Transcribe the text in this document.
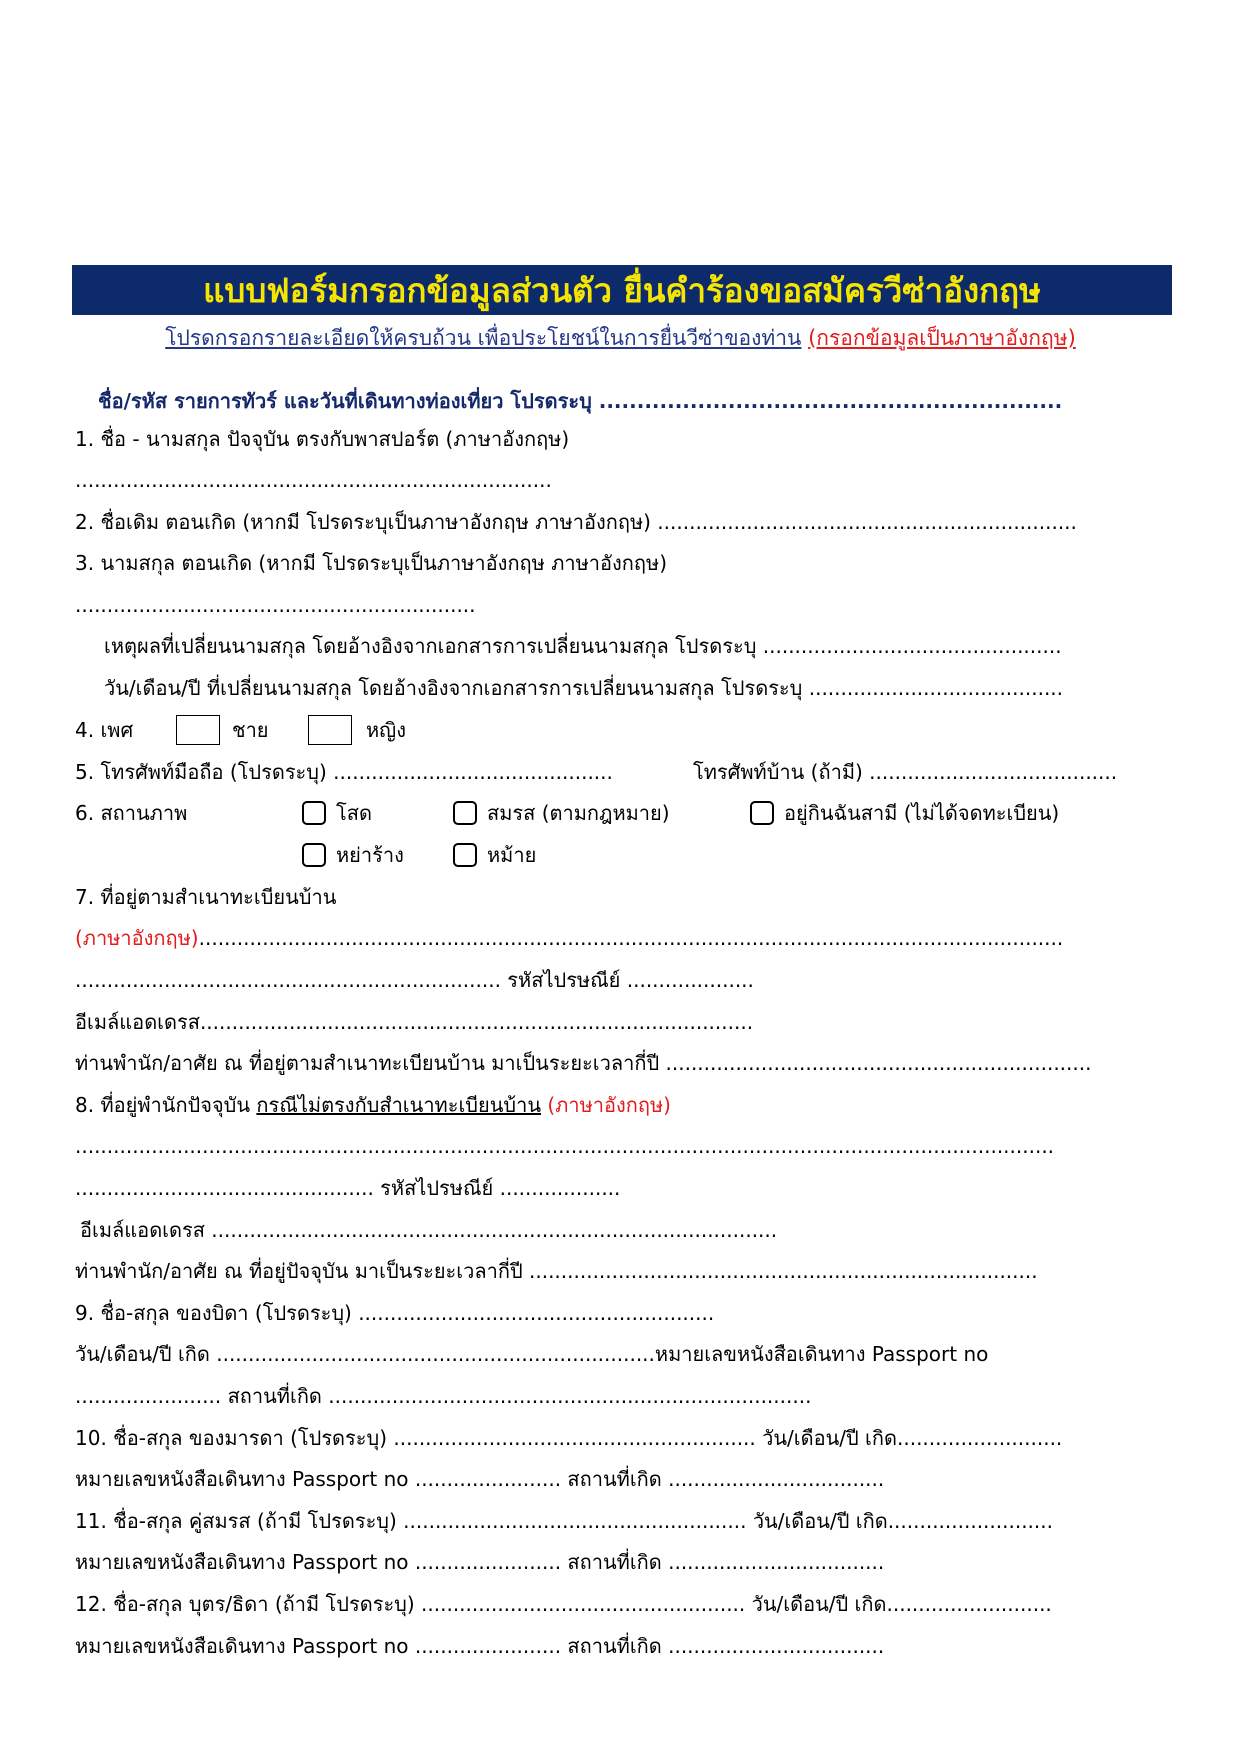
แบบฟอร์มกรอกข้อมูลส่วนตัว ยื่นคำร้องขอสมัครวีซ่าอังกฤษ
โปรดกรอกรายละเอียดให้ครบถ้วน เพื่อประโยชน์ในการยื่นวีซ่าของท่าน (กรอกข้อมูลเป็นภาษาอังกฤษ)
ชื่อ/รหัส รายการทัวร์ และวันที่เดินทางท่องเที่ยว โปรดระบุ .............................................................
1. ชื่อ - นามสกุล ปัจจุบัน ตรงกับพาสปอร์ต (ภาษาอังกฤษ)
...........................................................................
2. ชื่อเดิม ตอนเกิด (หากมี โปรดระบุเป็นภาษาอังกฤษ ภาษาอังกฤษ) ..................................................................
3. นามสกุล ตอนเกิด (หากมี โปรดระบุเป็นภาษาอังกฤษ ภาษาอังกฤษ)
...............................................................
เหตุผลที่เปลี่ยนนามสกุล โดยอ้างอิงจากเอกสารการเปลี่ยนนามสกุล โปรดระบุ ...............................................
วัน/เดือน/ปี ที่เปลี่ยนนามสกุล โดยอ้างอิงจากเอกสารการเปลี่ยนนามสกุล โปรดระบุ ........................................
4. เพศ	ชาย	หญิง
5. โทรศัพท์มือถือ (โปรดระบุ) ............................................	โทรศัพท์บ้าน (ถ้ามี) .......................................
6. สถานภาพ	โสด	สมรส (ตามกฎหมาย)	อยู่กินฉันสามี (ไม่ได้จดทะเบียน)
หย่าร้าง	หม้าย
7. ที่อยู่ตามสำเนาทะเบียนบ้าน
(ภาษาอังกฤษ)........................................................................................................................................
................................................................... รหัสไปรษณีย์ ....................
อีเมล์แอดเดรส.......................................................................................
ท่านพำนัก/อาศัย ณ ที่อยู่ตามสำเนาทะเบียนบ้าน มาเป็นระยะเวลากี่ปี ...................................................................
8. ที่อยู่พำนักปัจจุบัน กรณีไม่ตรงกับสำเนาทะเบียนบ้าน (ภาษาอังกฤษ)
..........................................................................................................................................................
............................................... รหัสไปรษณีย์ ...................
อีเมล์แอดเดรส .........................................................................................
ท่านพำนัก/อาศัย ณ ที่อยู่ปัจจุบัน มาเป็นระยะเวลากี่ปี ................................................................................
9. ชื่อ-สกุล ของบิดา (โปรดระบุ) ........................................................
วัน/เดือน/ปี เกิด .....................................................................หมายเลขหนังสือเดินทาง Passport no
....................... สถานที่เกิด ............................................................................
10. ชื่อ-สกุล ของมารดา (โปรดระบุ) ......................................................... วัน/เดือน/ปี เกิด..........................
หมายเลขหนังสือเดินทาง Passport no ....................... สถานที่เกิด ..................................
11. ชื่อ-สกุล คู่สมรส (ถ้ามี โปรดระบุ) ...................................................... วัน/เดือน/ปี เกิด..........................
หมายเลขหนังสือเดินทาง Passport no ....................... สถานที่เกิด ..................................
12. ชื่อ-สกุล บุตร/ธิดา (ถ้ามี โปรดระบุ) ................................................... วัน/เดือน/ปี เกิด..........................
หมายเลขหนังสือเดินทาง Passport no ....................... สถานที่เกิด ..................................
